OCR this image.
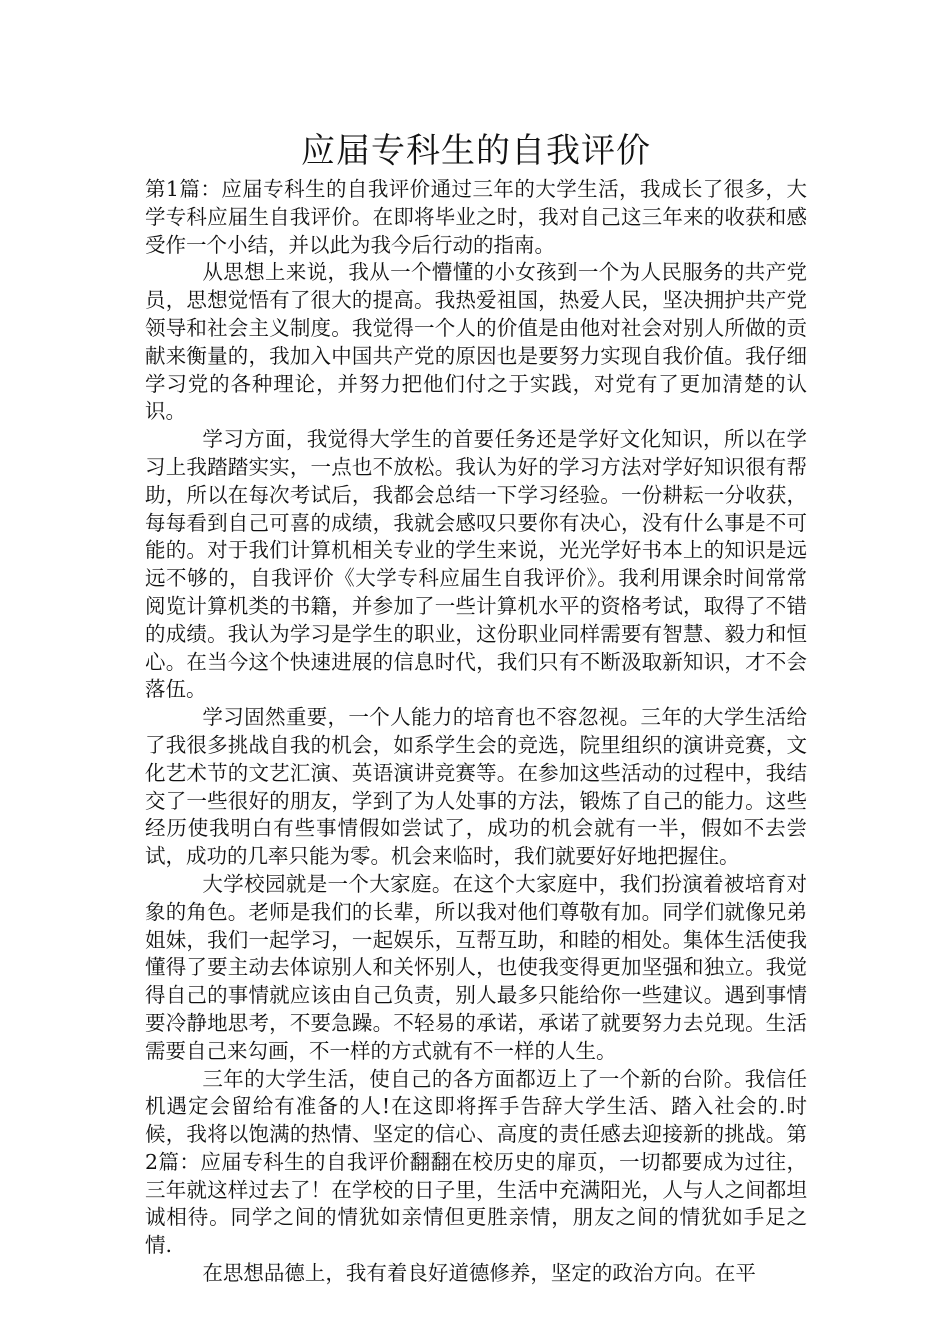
应届专科生的自我评价

第1篇：应届专科生的自我评价通过三年的大学生活，我成长了很多，大学专科应届生自我评价。在即将毕业之时，我对自己这三年来的收获和感受作一个小结，并以此为我今后行动的指南。

从思想上来说，我从一个懵懂的小女孩到一个为人民服务的共产党员，思想觉悟有了很大的提高。我热爱祖国，热爱人民，坚决拥护共产党领导和社会主义制度。我觉得一个人的价值是由他对社会对别人所做的贡献来衡量的，我加入中国共产党的原因也是要努力实现自我价值。我仔细学习党的各种理论，并努力把他们付之于实践，对党有了更加清楚的认识。

学习方面，我觉得大学生的首要任务还是学好文化知识，所以在学习上我踏踏实实，一点也不放松。我认为好的学习方法对学好知识很有帮助，所以在每次考试后，我都会总结一下学习经验。一份耕耘一分收获，每每看到自己可喜的成绩，我就会感叹只要你有决心，没有什么事是不可能的。对于我们计算机相关专业的学生来说，光光学好书本上的知识是远远不够的，自我评价《大学专科应届生自我评价》。我利用课余时间常常阅览计算机类的书籍，并参加了一些计算机水平的资格考试，取得了不错的成绩。我认为学习是学生的职业，这份职业同样需要有智慧、毅力和恒心。在当今这个快速进展的信息时代，我们只有不断汲取新知识，才不会落伍。

学习固然重要，一个人能力的培育也不容忽视。三年的大学生活给了我很多挑战自我的机会，如系学生会的竞选，院里组织的演讲竞赛，文化艺术节的文艺汇演、英语演讲竞赛等。在参加这些活动的过程中，我结交了一些很好的朋友，学到了为人处事的方法，锻炼了自己的能力。这些经历使我明白有些事情假如尝试了，成功的机会就有一半，假如不去尝试，成功的几率只能为零。机会来临时，我们就要好好地把握住。

大学校园就是一个大家庭。在这个大家庭中，我们扮演着被培育对象的角色。老师是我们的长辈，所以我对他们尊敬有加。同学们就像兄弟姐妹，我们一起学习，一起娱乐，互帮互助，和睦的相处。集体生活使我懂得了要主动去体谅别人和关怀别人，也使我变得更加坚强和独立。我觉得自己的事情就应该由自己负责，别人最多只能给你一些建议。遇到事情要冷静地思考，不要急躁。不轻易的承诺，承诺了就要努力去兑现。生活需要自己来勾画，不一样的方式就有不一样的人生。

三年的大学生活，使自己的各方面都迈上了一个新的台阶。我信任机遇定会留给有准备的人!在这即将挥手告辞大学生活、踏入社会的.时候，我将以饱满的热情、坚定的信心、高度的责任感去迎接新的挑战。第2篇：应届专科生的自我评价翻翻在校历史的扉页，一切都要成为过往，三年就这样过去了！在学校的日子里，生活中充满阳光，人与人之间都坦诚相待。同学之间的情犹如亲情但更胜亲情，朋友之间的情犹如手足之情.

在思想品德上，我有着良好道德修养，坚定的政治方向。在平
